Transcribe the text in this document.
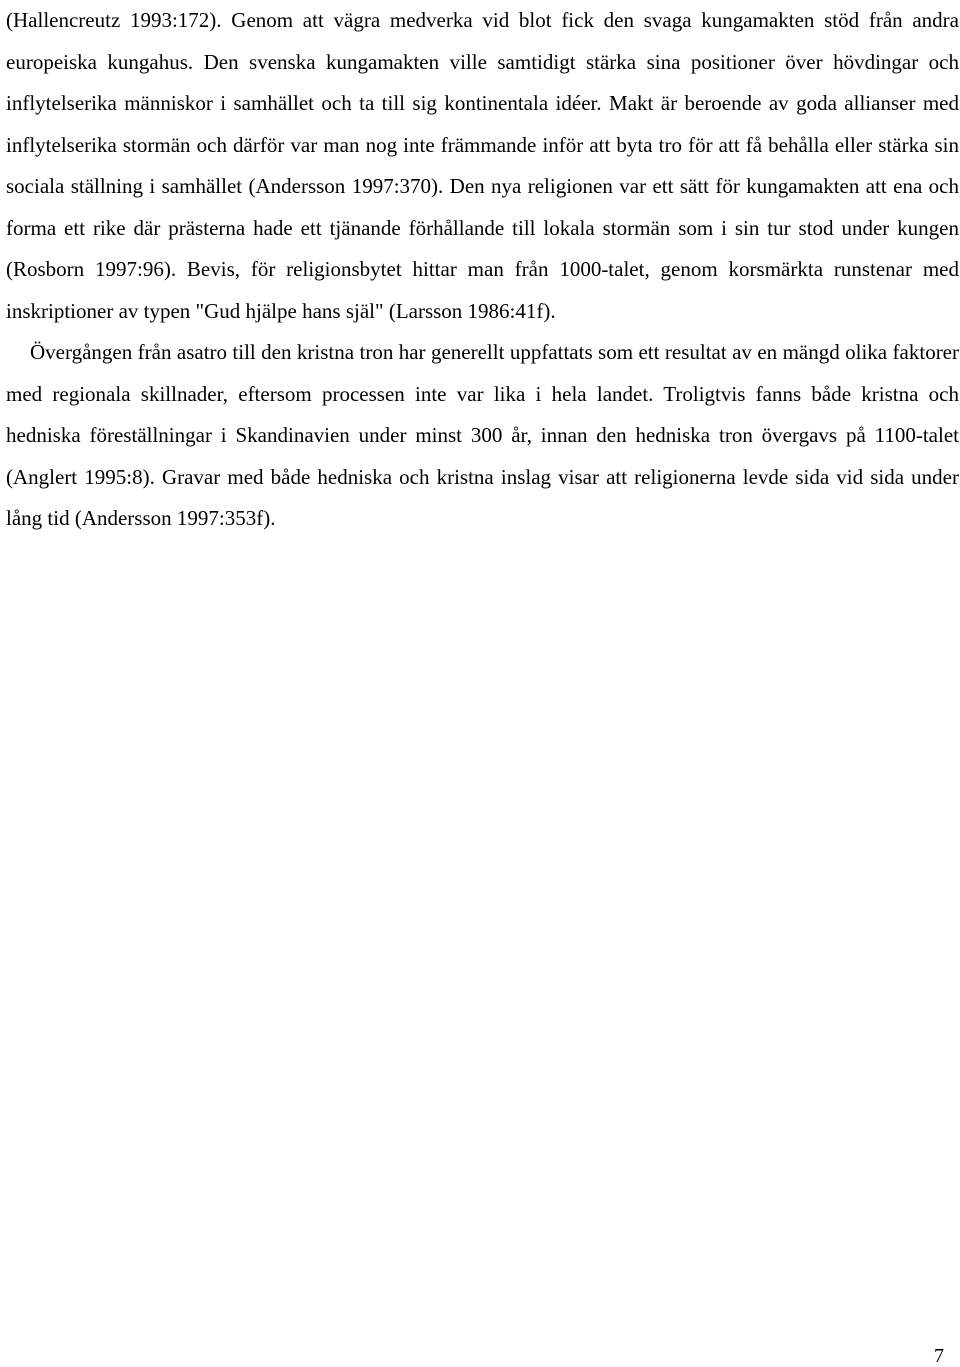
(Hallencreutz 1993:172). Genom att vägra medverka vid blot fick den svaga kungamakten stöd från andra europeiska kungahus. Den svenska kungamakten ville samtidigt stärka sina positioner över hövdingar och inflytelserika människor i samhället och ta till sig kontinentala idéer. Makt är beroende av goda allianser med inflytelserika stormän och därför var man nog inte främmande inför att byta tro för att få behålla eller stärka sin sociala ställning i samhället (Andersson 1997:370). Den nya religionen var ett sätt för kungamakten att ena och forma ett rike där prästerna hade ett tjänande förhållande till lokala stormän som i sin tur stod under kungen (Rosborn 1997:96). Bevis, för religionsbytet hittar man från 1000-talet, genom korsmärkta runstenar med inskriptioner av typen "Gud hjälpe hans själ" (Larsson 1986:41f).

Övergången från asatro till den kristna tron har generellt uppfattats som ett resultat av en mängd olika faktorer med regionala skillnader, eftersom processen inte var lika i hela landet. Troligtvis fanns både kristna och hedniska föreställningar i Skandinavien under minst 300 år, innan den hedniska tron övergavs på 1100-talet (Anglert 1995:8). Gravar med både hedniska och kristna inslag visar att religionerna levde sida vid sida under lång tid (Andersson 1997:353f).

7
